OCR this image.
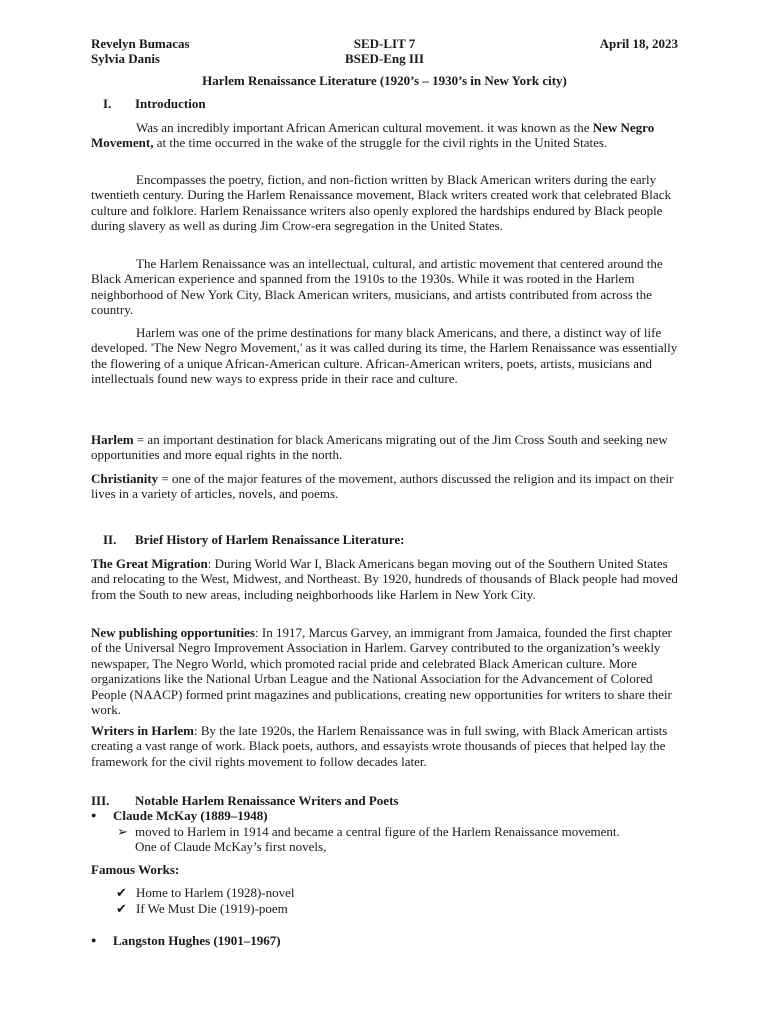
Revelyn Bumacas	SED-LIT 7	April 18, 2023
Sylvia Danis	BSED-Eng III
Harlem Renaissance Literature (1920’s – 1930’s in New York city)
I.	Introduction

Was an incredibly important African American cultural movement. it was known as the New Negro Movement, at the time occurred in the wake of the struggle for the civil rights in the United States.

Encompasses the poetry, fiction, and non-fiction written by Black American writers during the early twentieth century. During the Harlem Renaissance movement, Black writers created work that celebrated Black culture and folklore. Harlem Renaissance writers also openly explored the hardships endured by Black people during slavery as well as during Jim Crow-era segregation in the United States.

The Harlem Renaissance was an intellectual, cultural, and artistic movement that centered around the Black American experience and spanned from the 1910s to the 1930s. While it was rooted in the Harlem neighborhood of New York City, Black American writers, musicians, and artists contributed from across the country.

Harlem was one of the prime destinations for many black Americans, and there, a distinct way of life developed. 'The New Negro Movement,' as it was called during its time, the Harlem Renaissance was essentially the flowering of a unique African-American culture. African-American writers, poets, artists, musicians and intellectuals found new ways to express pride in their race and culture.

Harlem = an important destination for black Americans migrating out of the Jim Cross South and seeking new opportunities and more equal rights in the north.

Christianity = one of the major features of the movement, authors discussed the religion and its impact on their lives in a variety of articles, novels, and poems.

II.	Brief History of Harlem Renaissance Literature:

The Great Migration: During World War I, Black Americans began moving out of the Southern United States and relocating to the West, Midwest, and Northeast. By 1920, hundreds of thousands of Black people had moved from the South to new areas, including neighborhoods like Harlem in New York City.

New publishing opportunities: In 1917, Marcus Garvey, an immigrant from Jamaica, founded the first chapter of the Universal Negro Improvement Association in Harlem. Garvey contributed to the organization’s weekly newspaper, The Negro World, which promoted racial pride and celebrated Black American culture. More organizations like the National Urban League and the National Association for the Advancement of Colored People (NAACP) formed print magazines and publications, creating new opportunities for writers to share their work.

Writers in Harlem: By the late 1920s, the Harlem Renaissance was in full swing, with Black American artists creating a vast range of work. Black poets, authors, and essayists wrote thousands of pieces that helped lay the framework for the civil rights movement to follow decades later.

III.	Notable Harlem Renaissance Writers and Poets
●	Claude McKay (1889–1948)
➢ moved to Harlem in 1914 and became a central figure of the Harlem Renaissance movement. One of Claude McKay’s first novels,
Famous Works:
✔ Home to Harlem (1928)-novel
✔ If We Must Die (1919)-poem
●	Langston Hughes (1901–1967)
